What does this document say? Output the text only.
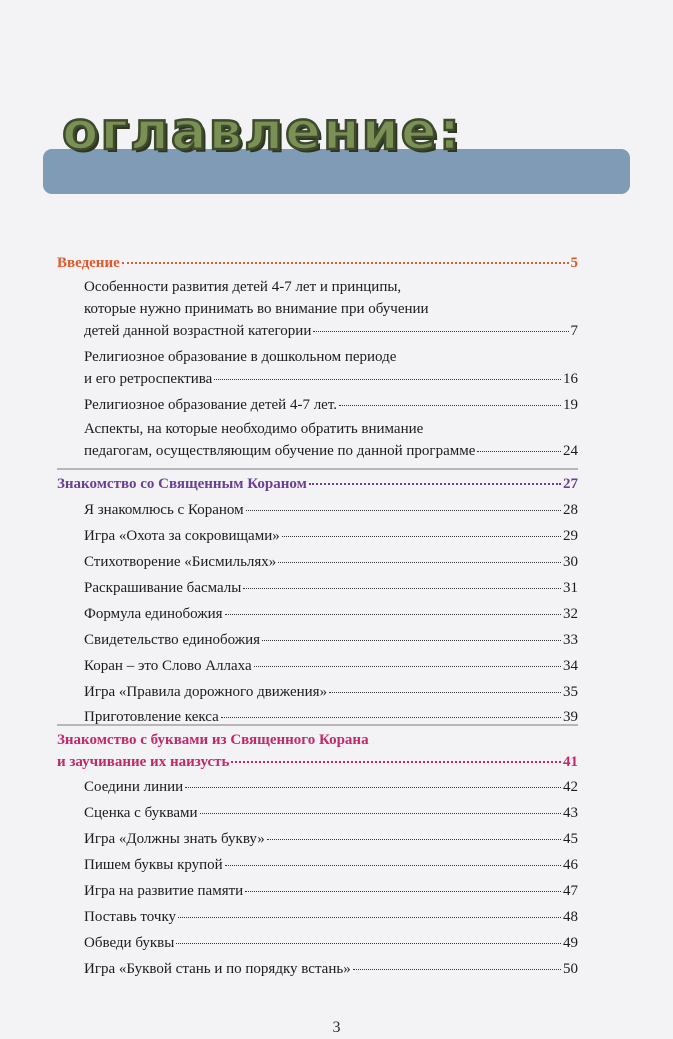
оглавление:
Введение	5
Особенности развития детей 4-7 лет и принципы,
которые нужно принимать во внимание при обучении
детей данной возрастной категории	7
Религиозное образование в дошкольном периоде
и его ретроспектива	16
Религиозное образование детей 4-7 лет.	19
Аспекты, на которые необходимо обратить внимание
педагогам, осуществляющим обучение по данной программе	24
Знакомство со Священным Кораном	27
Я знакомлюсь с Кораном	28
Игра «Охота за сокровищами»	29
Стихотворение «Бисмильлях»	30
Раскрашивание басмалы	31
Формула единобожия	32
Свидетельство единобожия	33
Коран – это Слово Аллаха	34
Игра «Правила дорожного движения»	35
Приготовление кекса	39
Знакомство с буквами из Священного Корана
и заучивание их наизусть	41
Соедини линии	42
Сценка с буквами	43
Игра «Должны знать букву»	45
Пишем буквы крупой	46
Игра на развитие памяти	47
Поставь точку	48
Обведи буквы	49
Игра «Буквой стань и по порядку встань»	50
3
